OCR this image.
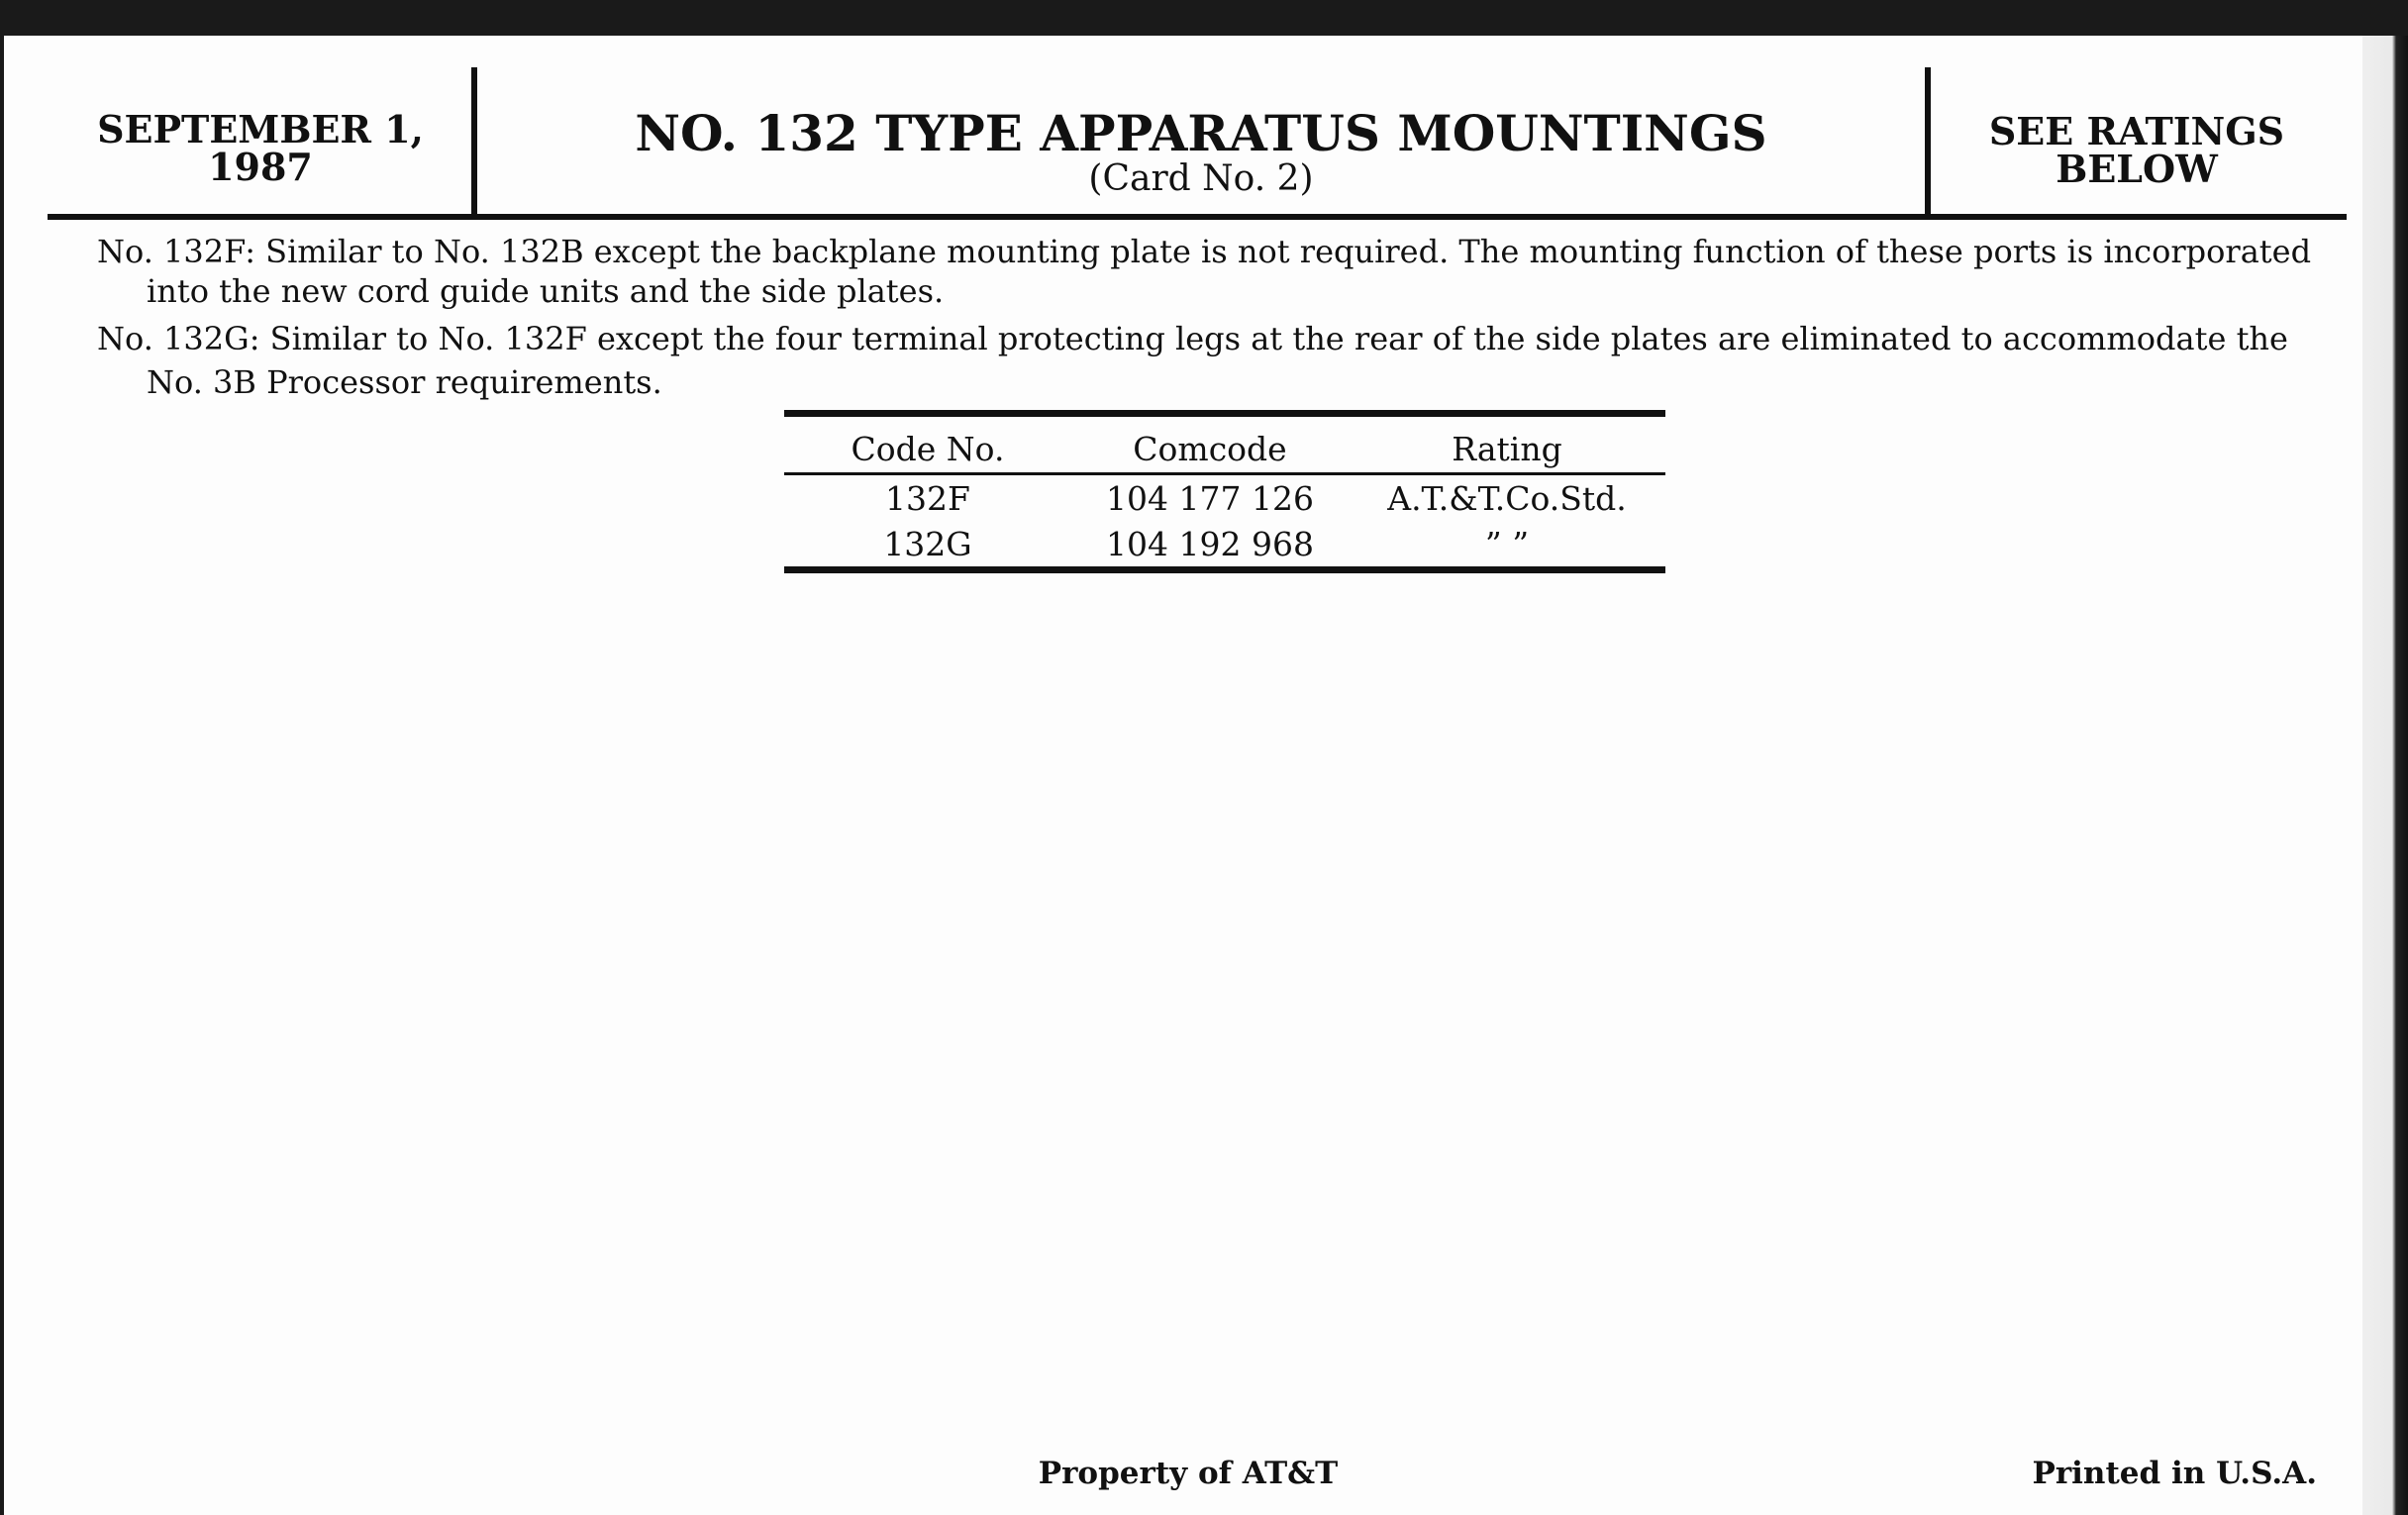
SEPTEMBER 1,
1987
NO. 132 TYPE APPARATUS MOUNTINGS
(Card No. 2)
SEE RATINGS
BELOW

No. 132F: Similar to No. 132B except the backplane mounting plate is not required. The mounting function of these ports is incorporated into the new cord guide units and the side plates.

No. 132G: Similar to No. 132F except the four terminal protecting legs at the rear of the side plates are eliminated to accommodate the No. 3B Processor requirements.

Code No.	Comcode	Rating
132F	104 177 126	A.T.&T.Co.Std.
132G	104 192 968	” ”
Property of AT&T	Printed in U.S.A.
